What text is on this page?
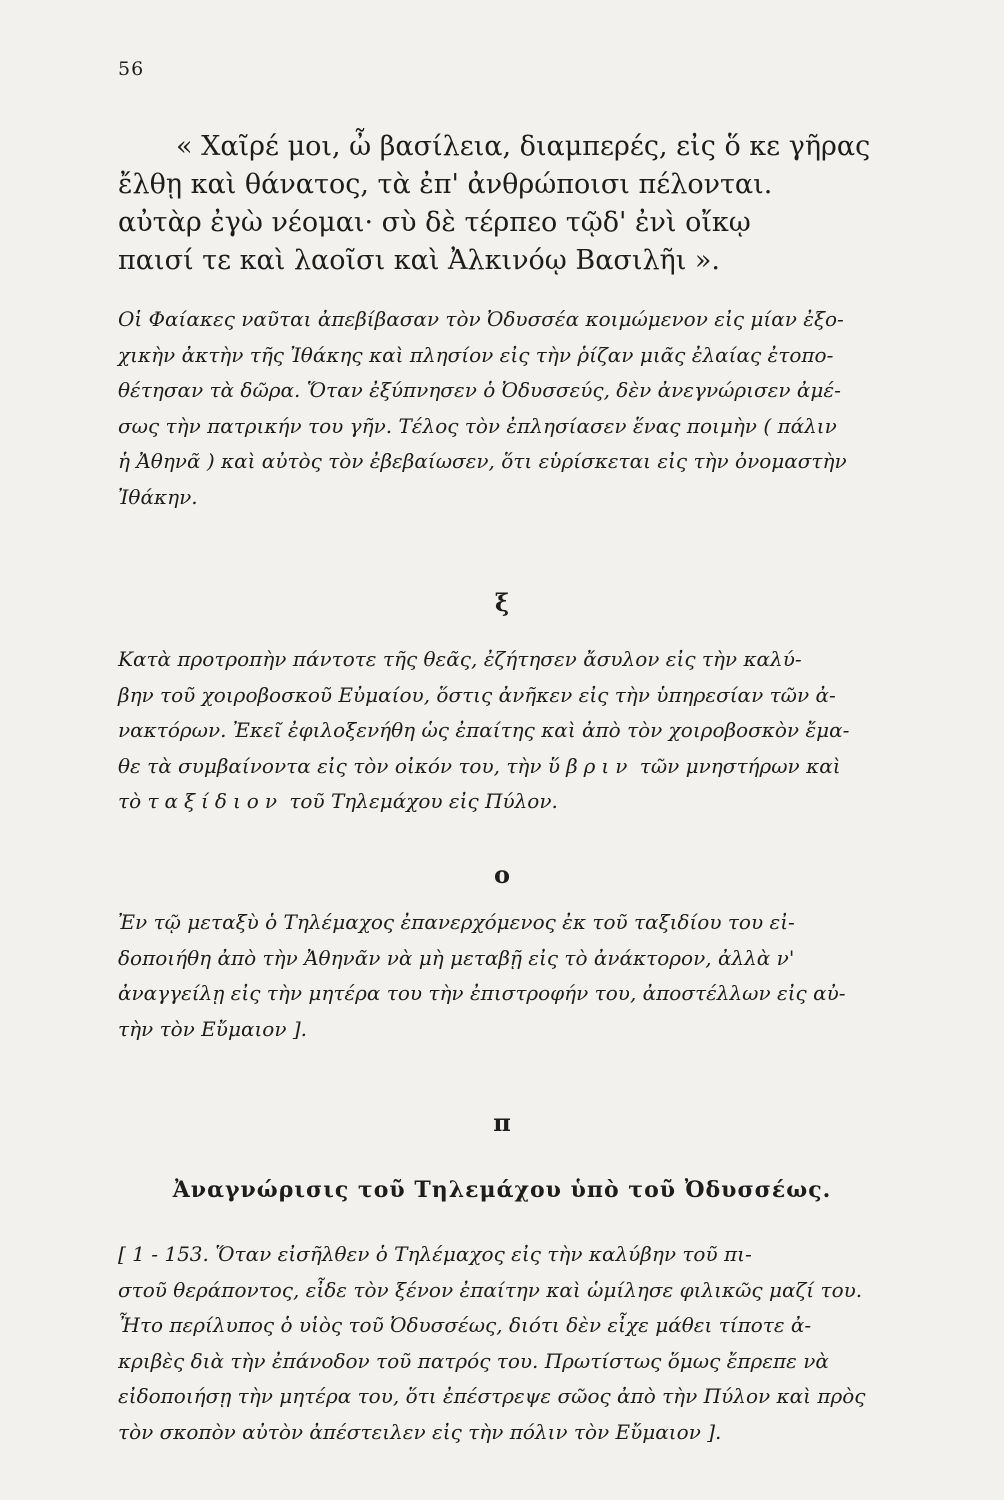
56
« Χαῖρέ μοι, ὦ βασίλεια, διαμπερές, εἰς ὅ κε γῆρας
ἔλθῃ καὶ θάνατος, τὰ ἐπ' ἀνθρώποισι πέλονται.
αὐτὰρ ἐγὼ νέομαι· σὺ δὲ τέρπεο τῷδ' ἐνὶ οἴκῳ
παισί τε καὶ λαοῖσι καὶ Ἀλκινόῳ Βασιλῆι ».
Οἱ Φαίακες ναῦται ἀπεβίβασαν τὸν Ὀδυσσέα κοιμώμενον εἰς μίαν ἐξο-
χικὴν ἀκτὴν τῆς Ἰθάκης καὶ πλησίον εἰς τὴν ῥίζαν μιᾶς ἐλαίας ἐτοπο-
θέτησαν τὰ δῶρα. Ὅταν ἐξύπνησεν ὁ Ὀδυσσεύς, δὲν ἀνεγνώρισεν ἀμέ-
σως τὴν πατρικήν του γῆν. Τέλος τὸν ἐπλησίασεν ἕνας ποιμὴν ( πάλιν
ἡ Ἀθηνᾶ ) καὶ αὐτὸς τὸν ἐβεβαίωσεν, ὅτι εὑρίσκεται εἰς τὴν ὀνομαστὴν
Ἰθάκην.
ξ
Κατὰ προτροπὴν πάντοτε τῆς θεᾶς, ἐζήτησεν ἄσυλον εἰς τὴν καλύ-
βην τοῦ χοιροβοσκοῦ Εὐμαίου, ὅστις ἀνῆκεν εἰς τὴν ὑπηρεσίαν τῶν ἀ-
νακτόρων. Ἐκεῖ ἐφιλοξενήθη ὡς ἐπαίτης καὶ ἀπὸ τὸν χοιροβοσκὸν ἔμα-
θε τὰ συμβαίνοντα εἰς τὸν οἰκόν του, τὴν ὕβριν τῶν μνηστήρων καὶ
τὸ ταξίδιον τοῦ Τηλεμάχου εἰς Πύλον.
ο
Ἐν τῷ μεταξὺ ὁ Τηλέμαχος ἐπανερχόμενος ἐκ τοῦ ταξιδίου του εἰ-
δοποιήθη ἀπὸ τὴν Ἀθηνᾶν νὰ μὴ μεταβῇ εἰς τὸ ἀνάκτορον, ἀλλὰ ν'
ἀναγγείλῃ εἰς τὴν μητέρα του τὴν ἐπιστροφήν του, ἀποστέλλων εἰς αὐ-
τὴν τὸν Εὔμαιον ].
π
Ἀναγνώρισις τοῦ Τηλεμάχου ὑπὸ τοῦ Ὀδυσσέως.
[ 1 - 153. Ὅταν εἰσῆλθεν ὁ Τηλέμαχος εἰς τὴν καλύβην τοῦ πι-
στοῦ θεράποντος, εἶδε τὸν ξένον ἐπαίτην καὶ ὡμίλησε φιλικῶς μαζί του.
Ἦτο περίλυπος ὁ υἱὸς τοῦ Ὀδυσσέως, διότι δὲν εἶχε μάθει τίποτε ἀ-
κριβὲς διὰ τὴν ἐπάνοδον τοῦ πατρός του. Πρωτίστως ὅμως ἔπρεπε νὰ
εἰδοποιήσῃ τὴν μητέρα του, ὅτι ἐπέστρεψε σῶος ἀπὸ τὴν Πύλον καὶ πρὸς
τὸν σκοπὸν αὐτὸν ἀπέστειλεν εἰς τὴν πόλιν τὸν Εὔμαιον ].
